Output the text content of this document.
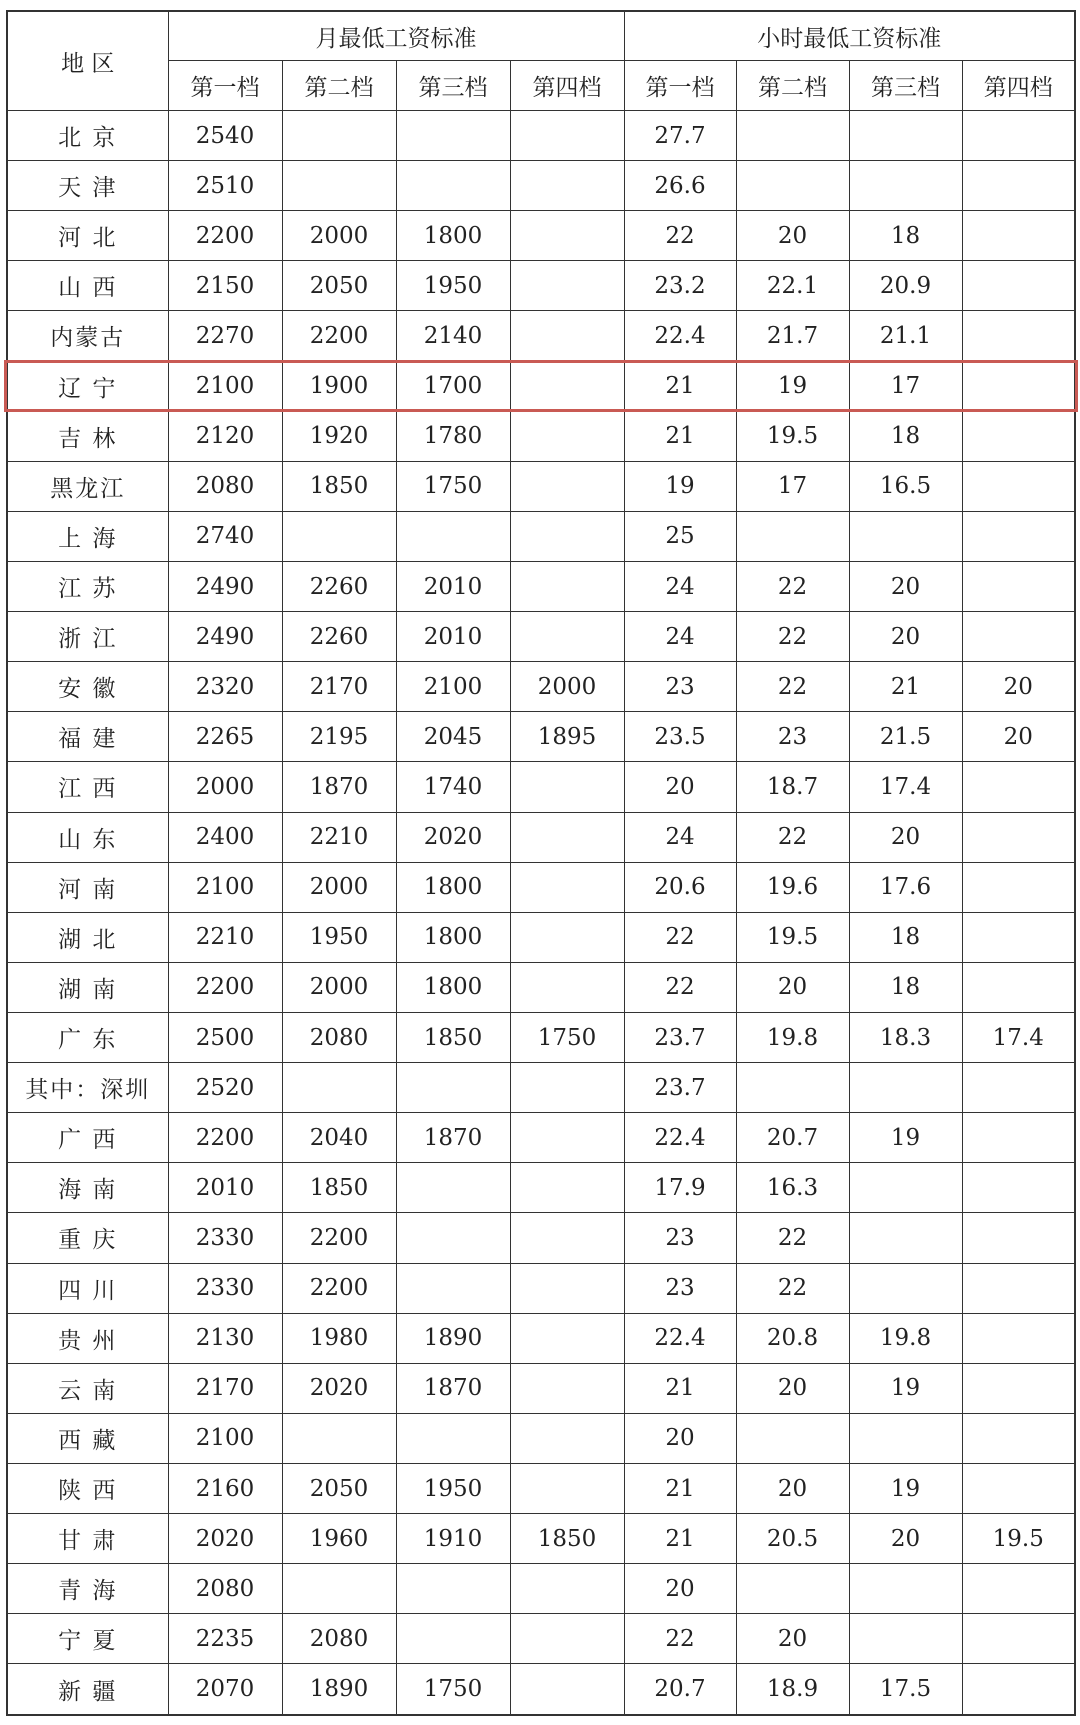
地 区	月最低工资标准				小时最低工资标准			
	第一档	第二档	第三档	第四档	第一档	第二档	第三档	第四档
北 京	2540				27.7			
天 津	2510				26.6			
河 北	2200	2000	1800		22	20	18	
山 西	2150	2050	1950		23.2	22.1	20.9	
内蒙古	2270	2200	2140		22.4	21.7	21.1	
辽 宁	2100	1900	1700		21	19	17	
吉 林	2120	1920	1780		21	19.5	18	
黑龙江	2080	1850	1750		19	17	16.5	
上 海	2740				25			
江 苏	2490	2260	2010		24	22	20	
浙 江	2490	2260	2010		24	22	20	
安 徽	2320	2170	2100	2000	23	22	21	20
福 建	2265	2195	2045	1895	23.5	23	21.5	20
江 西	2000	1870	1740		20	18.7	17.4	
山 东	2400	2210	2020		24	22	20	
河 南	2100	2000	1800		20.6	19.6	17.6	
湖 北	2210	1950	1800		22	19.5	18	
湖 南	2200	2000	1800		22	20	18	
广 东	2500	2080	1850	1750	23.7	19.8	18.3	17.4
其中：深圳	2520				23.7			
广 西	2200	2040	1870		22.4	20.7	19	
海 南	2010	1850			17.9	16.3		
重 庆	2330	2200			23	22		
四 川	2330	2200			23	22		
贵 州	2130	1980	1890		22.4	20.8	19.8	
云 南	2170	2020	1870		21	20	19	
西 藏	2100				20			
陕 西	2160	2050	1950		21	20	19	
甘 肃	2020	1960	1910	1850	21	20.5	20	19.5
青 海	2080				20			
宁 夏	2235	2080			22	20		
新 疆	2070	1890	1750		20.7	18.9	17.5	
